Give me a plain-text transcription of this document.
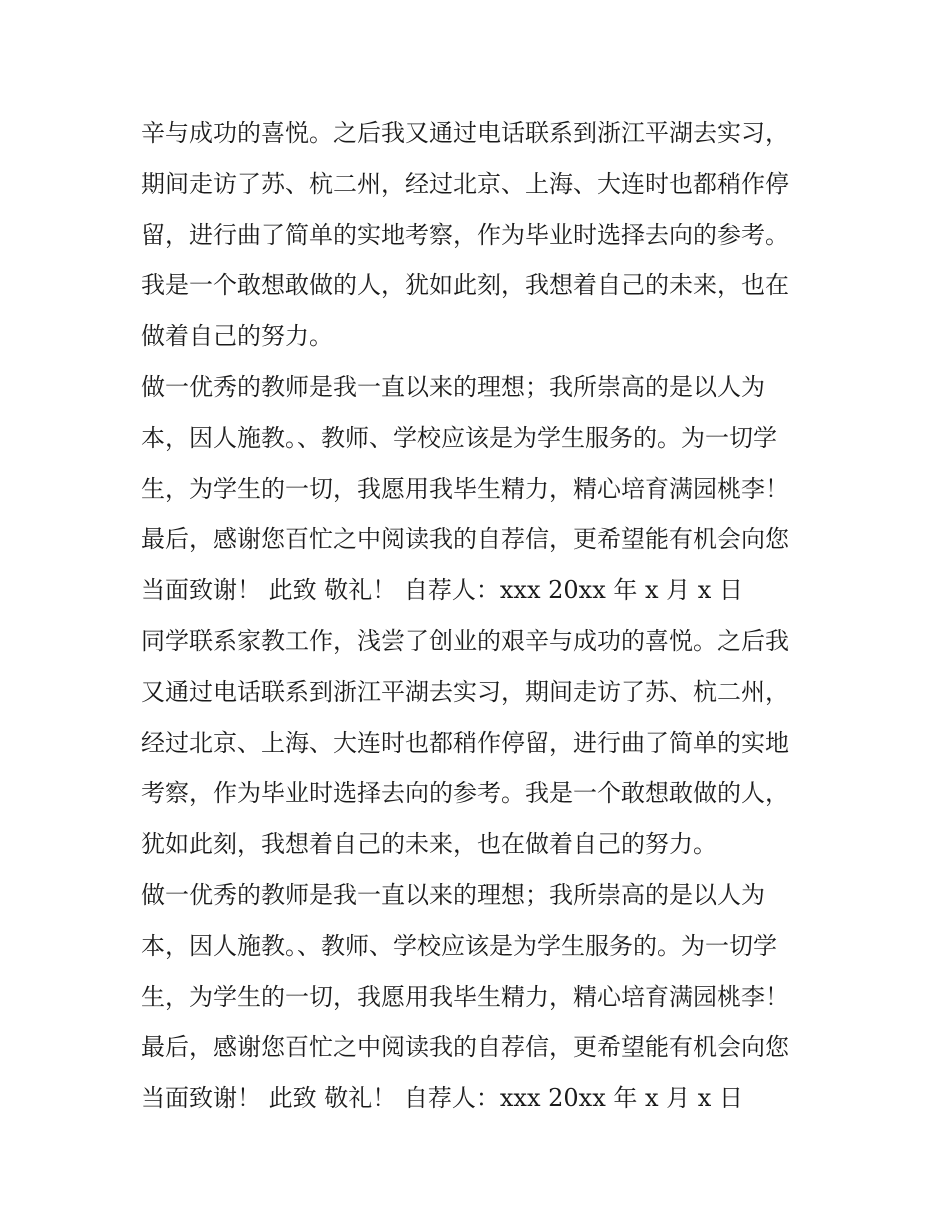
辛与成功的喜悦。之后我又通过电话联系到浙江平湖去实习，
期间走访了苏、杭二州，经过北京、上海、大连时也都稍作停
留，进行曲了简单的实地考察，作为毕业时选择去向的参考。
我是一个敢想敢做的人，犹如此刻，我想着自己的未来，也在
做着自己的努力。
做一优秀的教师是我一直以来的理想；我所崇高的是以人为
本，因人施教。、教师、学校应该是为学生服务的。为一切学
生，为学生的一切，我愿用我毕生精力，精心培育满园桃李！
最后，感谢您百忙之中阅读我的自荐信，更希望能有机会向您
当面致谢！ 此致 敬礼！ 自荐人：xxx 20xx 年 x 月 x 日
同学联系家教工作，浅尝了创业的艰辛与成功的喜悦。之后我
又通过电话联系到浙江平湖去实习，期间走访了苏、杭二州，
经过北京、上海、大连时也都稍作停留，进行曲了简单的实地
考察，作为毕业时选择去向的参考。我是一个敢想敢做的人，
犹如此刻，我想着自己的未来，也在做着自己的努力。
做一优秀的教师是我一直以来的理想；我所崇高的是以人为
本，因人施教。、教师、学校应该是为学生服务的。为一切学
生，为学生的一切，我愿用我毕生精力，精心培育满园桃李！
最后，感谢您百忙之中阅读我的自荐信，更希望能有机会向您
当面致谢！ 此致 敬礼！ 自荐人：xxx 20xx 年 x 月 x 日
